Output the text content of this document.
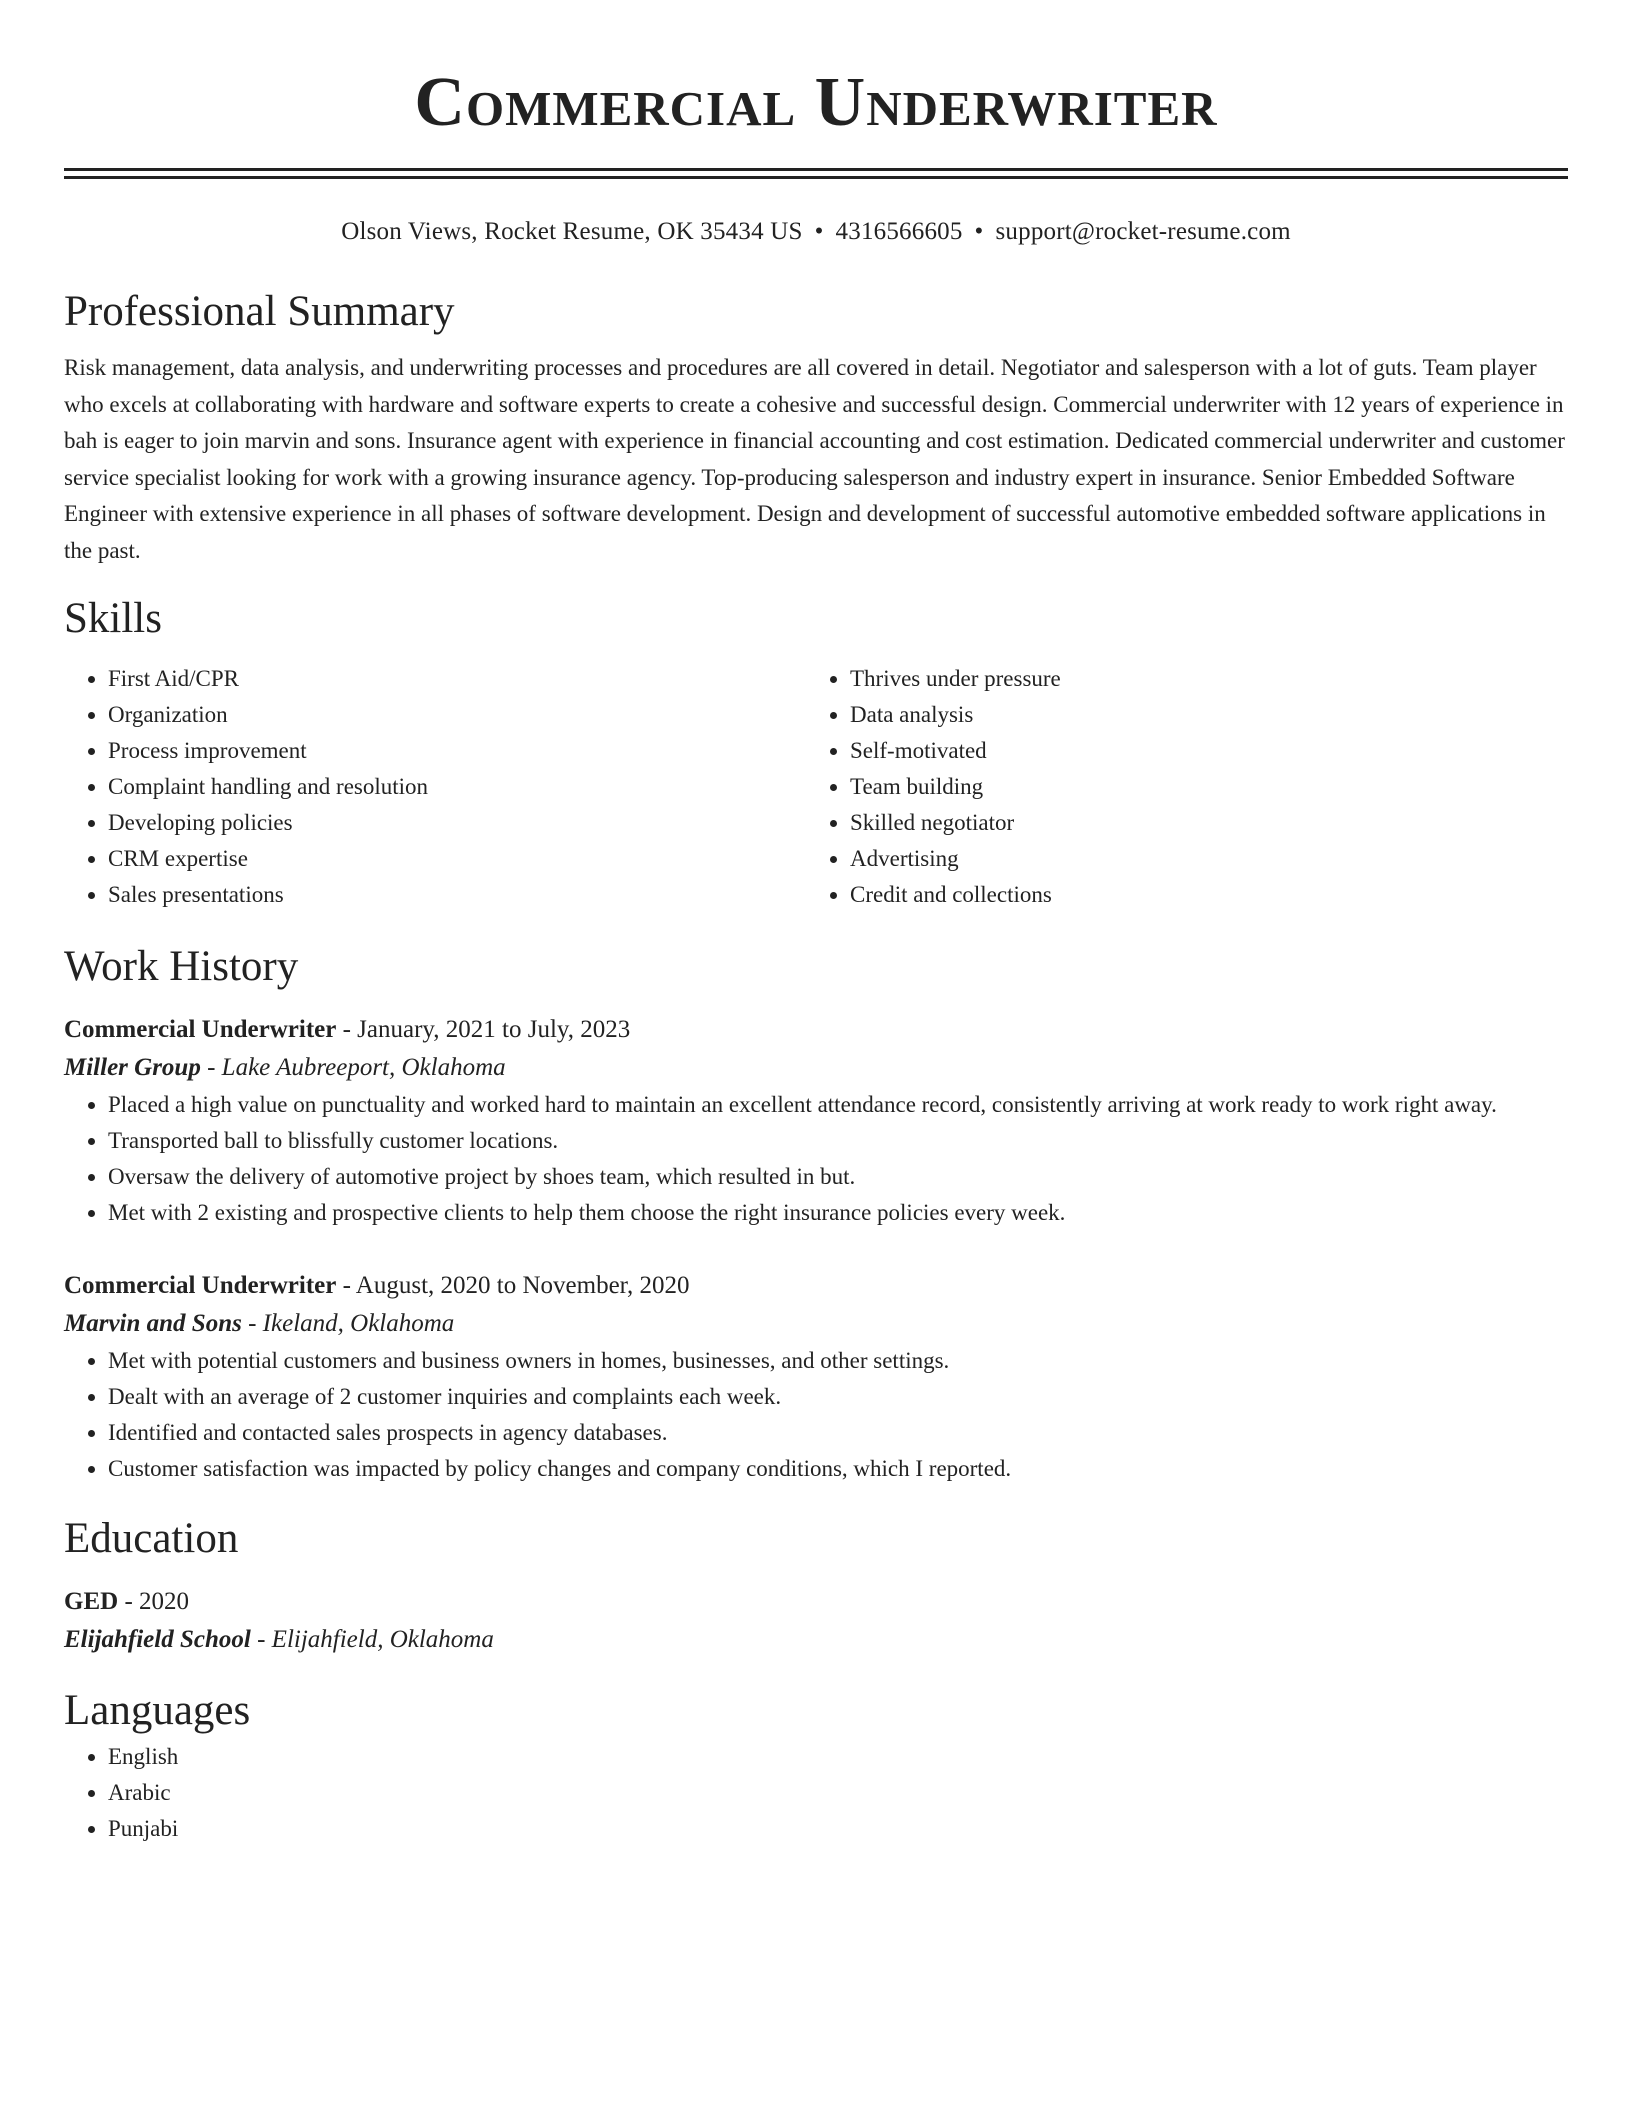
Commercial Underwriter
Olson Views, Rocket Resume, OK 35434 US • 4316566605 • support@rocket-resume.com
Professional Summary
Risk management, data analysis, and underwriting processes and procedures are all covered in detail. Negotiator and salesperson with a lot of guts. Team player who excels at collaborating with hardware and software experts to create a cohesive and successful design. Commercial underwriter with 12 years of experience in bah is eager to join marvin and sons. Insurance agent with experience in financial accounting and cost estimation. Dedicated commercial underwriter and customer service specialist looking for work with a growing insurance agency. Top-producing salesperson and industry expert in insurance. Senior Embedded Software Engineer with extensive experience in all phases of software development. Design and development of successful automotive embedded software applications in the past.
Skills
• First Aid/CPR
• Organization
• Process improvement
• Complaint handling and resolution
• Developing policies
• CRM expertise
• Sales presentations
• Thrives under pressure
• Data analysis
• Self-motivated
• Team building
• Skilled negotiator
• Advertising
• Credit and collections
Work History
Commercial Underwriter - January, 2021 to July, 2023
Miller Group - Lake Aubreeport, Oklahoma
• Placed a high value on punctuality and worked hard to maintain an excellent attendance record, consistently arriving at work ready to work right away.
• Transported ball to blissfully customer locations.
• Oversaw the delivery of automotive project by shoes team, which resulted in but.
• Met with 2 existing and prospective clients to help them choose the right insurance policies every week.
Commercial Underwriter - August, 2020 to November, 2020
Marvin and Sons - Ikeland, Oklahoma
• Met with potential customers and business owners in homes, businesses, and other settings.
• Dealt with an average of 2 customer inquiries and complaints each week.
• Identified and contacted sales prospects in agency databases.
• Customer satisfaction was impacted by policy changes and company conditions, which I reported.
Education
GED - 2020
Elijahfield School - Elijahfield, Oklahoma
Languages
• English
• Arabic
• Punjabi
